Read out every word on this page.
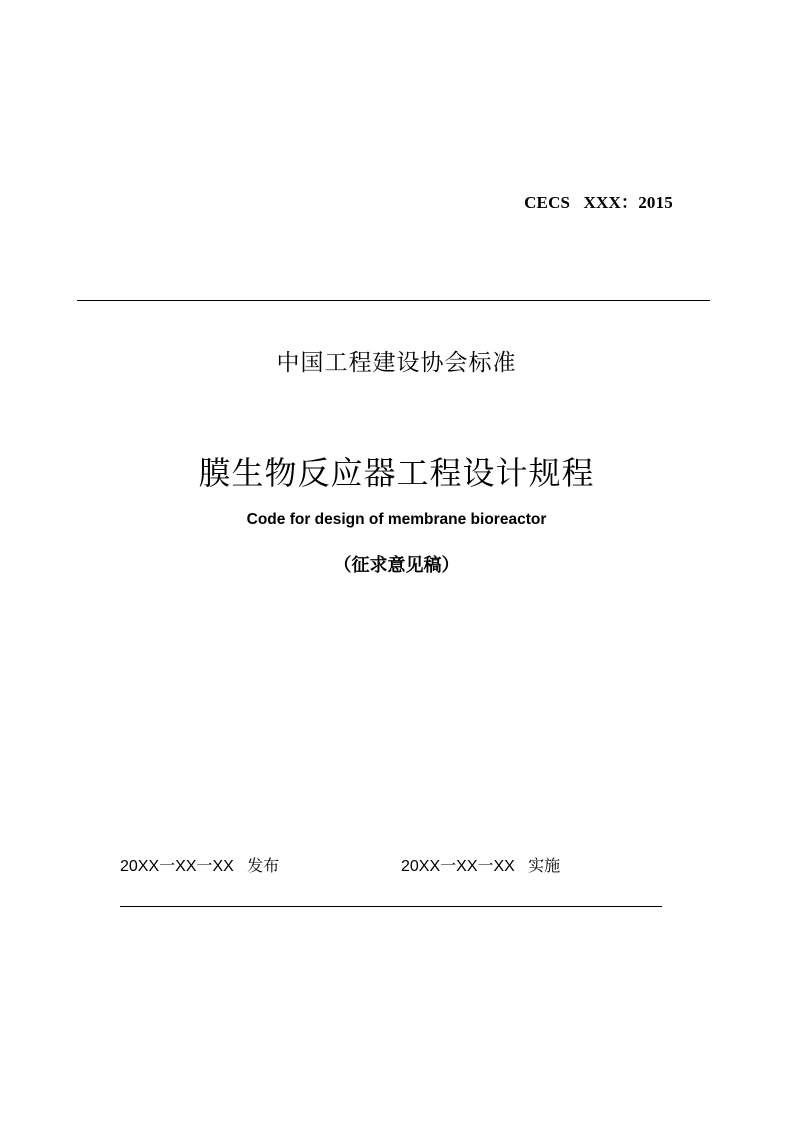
CECS   XXX：2015
中国工程建设协会标准
膜生物反应器工程设计规程
Code for design of membrane bioreactor
（征求意见稿）
20XX一XX一XX   发布	20XX一XX一XX   实施
